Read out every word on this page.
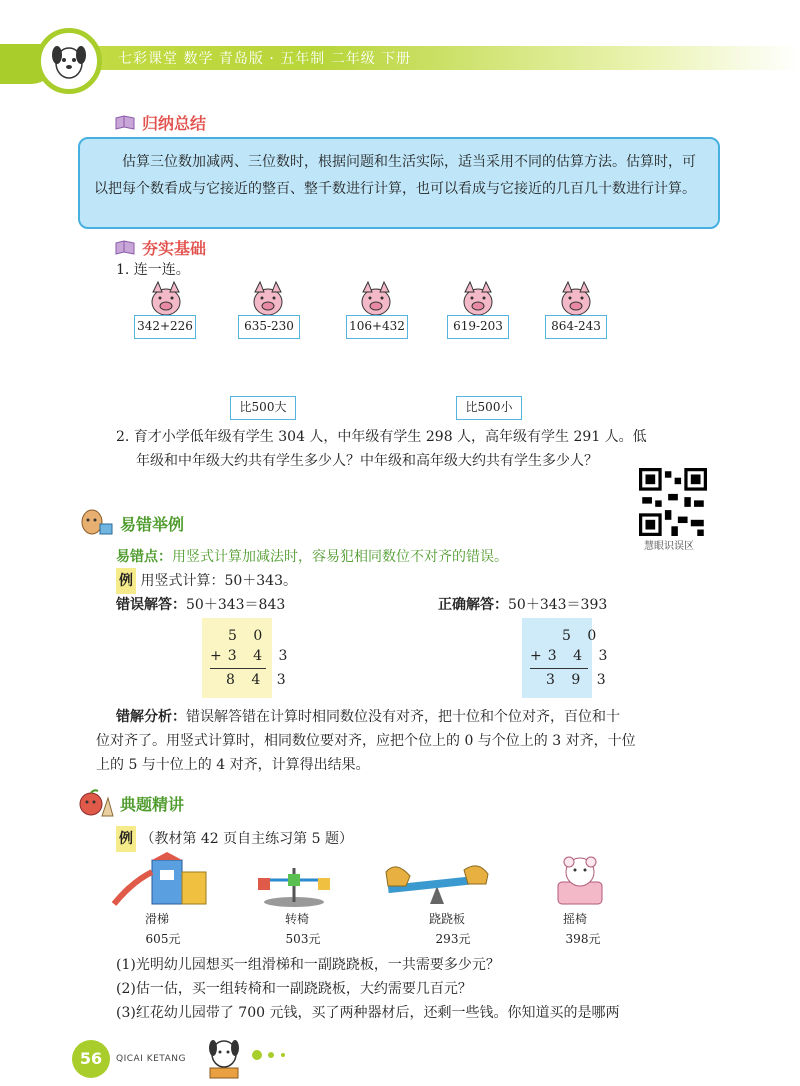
七彩课堂 数学 青岛版 · 五年制 二年级 下册
归纳总结
估算三位数加减两、三位数时，根据问题和生活实际，适当采用不同的估算方法。估算时，可以把每个数看成与它接近的整百、整千数进行计算，也可以看成与它接近的几百几十数进行计算。
夯实基础
1. 连一连。
342+226	635-230	106+432	619-203	864-243
比500大	比500小
2. 育才小学低年级有学生 304 人，中年级有学生 298 人，高年级有学生 291 人。低
年级和中年级大约共有学生多少人？中年级和高年级大约共有学生多少人？
慧眼识误区
易错举例
易错点：用竖式计算加减法时，容易犯相同数位不对齐的错误。
例 用竖式计算：50＋343。
错误解答：50＋343＝843	正确解答：50＋343＝393
5 0
+3 4 3
8 4 3
5 0
+3 4 3
3 9 3
错解分析：错误解答错在计算时相同数位没有对齐，把十位和个位对齐，百位和十
位对齐了。用竖式计算时，相同数位要对齐，应把个位上的 0 与个位上的 3 对齐，十位
上的 5 与十位上的 4 对齐，计算得出结果。
典题精讲
例 （教材第 42 页自主练习第 5 题）
滑梯
605元
转椅
503元
跷跷板
293元
摇椅
398元
(1)光明幼儿园想买一组滑梯和一副跷跷板，一共需要多少元？
(2)估一估，买一组转椅和一副跷跷板，大约需要几百元？
(3)红花幼儿园带了 700 元钱，买了两种器材后，还剩一些钱。你知道买的是哪两
56	QICAI KETANG
